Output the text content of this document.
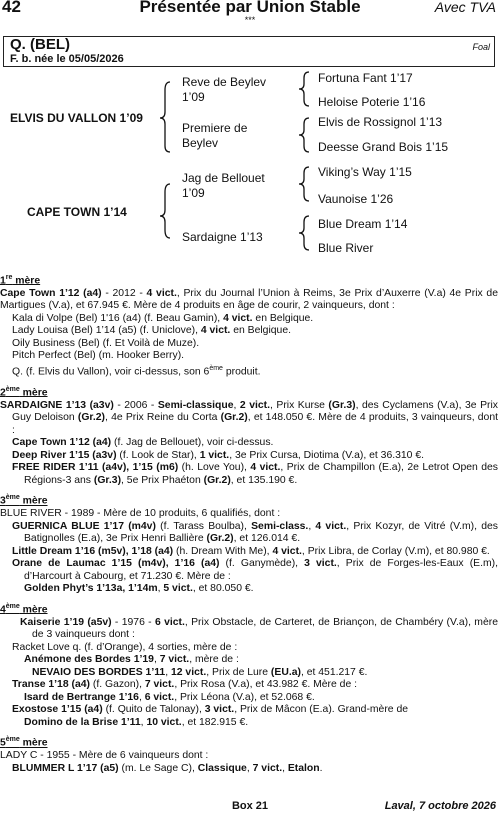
42	Présentée par Union Stable	Avec TVA
***
Q. (BEL)	Foal
F. b. née le 05/05/2026
ELVIS DU VALLON 1’09
CAPE TOWN 1’14
Reve de Beylev
1’09
Premiere de
Beylev
Jag de Bellouet
1’09
Sardaigne 1’13
Fortuna Fant 1’17
Heloise Poterie 1’16
Elvis de Rossignol 1’13
Deesse Grand Bois 1’15
Viking’s Way 1’15
Vaunoise 1’26
Blue Dream 1’14
Blue River

1re mère

Cape Town 1’12 (a4) - 2012 - 4 vict., Prix du Journal l’Union à Reims, 3e Prix d’Auxerre (V.a) 4e Prix de Martigues (V.a), et 67.945 €. Mère de 4 produits en âge de courir, 2 vainqueurs, dont :

Kala di Volpe (Bel) 1'16 (a4) (f. Beau Gamin), 4 vict. en Belgique.

Lady Louisa (Bel) 1’14 (a5) (f. Uniclove), 4 vict. en Belgique.

Oily Business (Bel) (f. Et Voilà de Muze).

Pitch Perfect (Bel) (m. Hooker Berry).

Q. (f. Elvis du Vallon), voir ci-dessus, son 6ème produit.

2ème mère

SARDAIGNE 1’13 (a3v) - 2006 - Semi-classique, 2 vict., Prix Kurse (Gr.3), des Cyclamens (V.a), 3e Prix Guy Deloison (Gr.2), 4e Prix Reine du Corta (Gr.2), et 148.050 €. Mère de 4 produits, 3 vainqueurs, dont :

Cape Town 1’12 (a4) (f. Jag de Bellouet), voir ci-dessus.

Deep River 1’15 (a3v) (f. Look de Star), 1 vict., 3e Prix Cursa, Diotima (V.a), et 36.310 €.

FREE RIDER 1’11 (a4v), 1’15 (m6) (h. Love You), 4 vict., Prix de Champillon (E.a), 2e Letrot Open des Régions-3 ans (Gr.3), 5e Prix Phaéton (Gr.2), et 135.190 €.

3ème mère

BLUE RIVER - 1989 - Mère de 10 produits, 6 qualifiés, dont :

GUERNICA BLUE 1’17 (m4v) (f. Tarass Boulba), Semi-class., 4 vict., Prix Kozyr, de Vitré (V.m), des Batignolles (E.a), 3e Prix Henri Ballière (Gr.2), et 126.014 €.

Little Dream 1’16 (m5v), 1’18 (a4) (h. Dream With Me), 4 vict., Prix Libra, de Corlay (V.m), et 80.980 €.

Orane de Laumac 1’15 (m4v), 1’16 (a4) (f. Ganymède), 3 vict., Prix de Forges-les-Eaux (E.m), d’Harcourt à Cabourg, et 71.230 €. Mère de :

Golden Phyt’s 1’13a, 1’14m, 5 vict., et 80.050 €.

4ème mère

Kaiserie 1’19 (a5v) - 1976 - 6 vict., Prix Obstacle, de Carteret, de Briançon, de Chambéry (V.a), mère de 3 vainqueurs dont :

Racket Love q. (f. d’Orange), 4 sorties, mère de :

Anémone des Bordes 1’19, 7 vict., mère de :

NEVAIO DES BORDES 1’11, 12 vict., Prix de Lure (EU.a), et 451.217 €.

Transe 1’18 (a4) (f. Gazon), 7 vict., Prix Rosa (V.a), et 43.982 €. Mère de :

Isard de Bertrange 1’16, 6 vict., Prix Léona (V.a), et 52.068 €.

Exostose 1’15 (a4) (f. Quito de Talonay), 3 vict., Prix de Mâcon (E.a). Grand-mère de

Domino de la Brise 1’11, 10 vict., et 182.915 €.

5ème mère

LADY C - 1955 - Mère de 6 vainqueurs dont :

BLUMMER L 1’17 (a5) (m. Le Sage C), Classique, 7 vict., Etalon.

Box 21	Laval, 7 octobre 2026
